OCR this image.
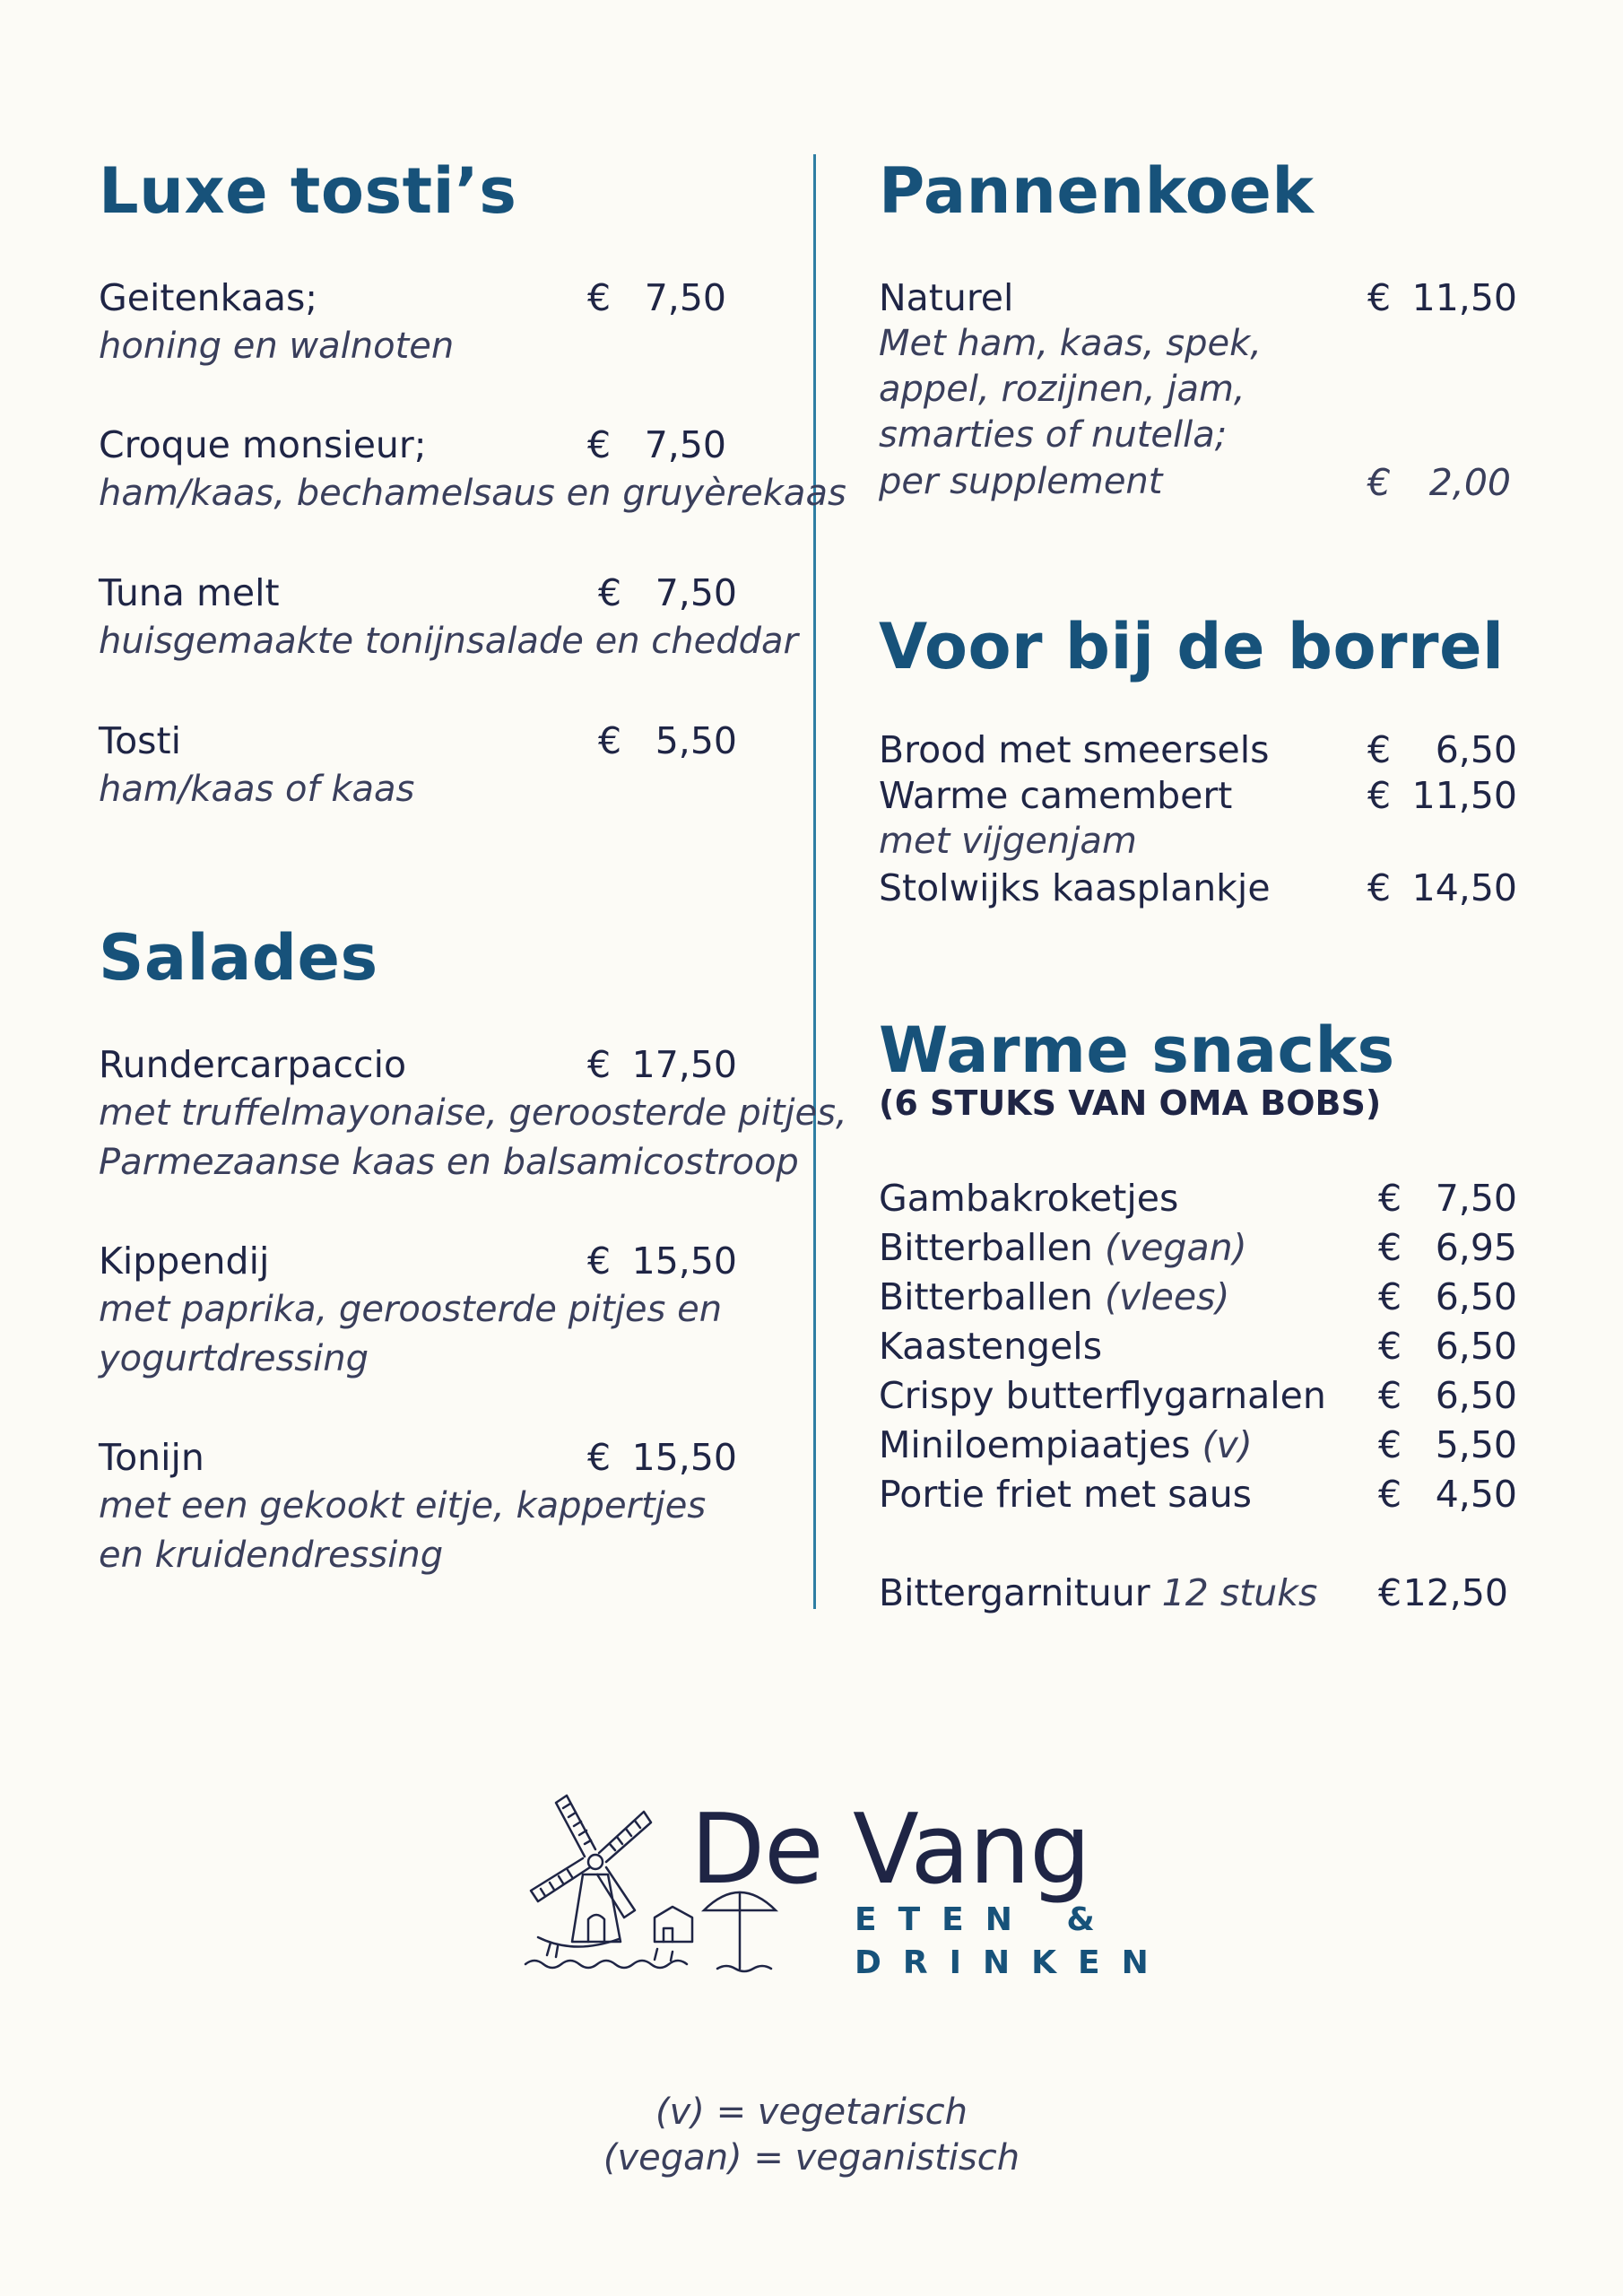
Luxe tosti’s
Geitenkaas;	€ 7,50
honing en walnoten
Croque monsieur;	€ 7,50
ham/kaas, bechamelsaus en gruyèrekaas
Tuna melt	€ 7,50
huisgemaakte tonijnsalade en cheddar
Tosti	€ 5,50
ham/kaas of kaas
Salades
Rundercarpaccio	€ 17,50
met truffelmayonaise, geroosterde pitjes,
Parmezaanse kaas en balsamicostroop
Kippendij	€ 15,50
met paprika, geroosterde pitjes en
yogurtdressing
Tonijn	€ 15,50
met een gekookt eitje, kappertjes
en kruidendressing
Pannenkoek
Naturel	€ 11,50
Met ham, kaas, spek,
appel, rozijnen, jam,
smarties of nutella;
per supplement	€	2,00
Voor bij de borrel
Brood met smeersels	€	6,50
Warme camembert	€ 11,50
met vijgenjam
Stolwijks kaasplankje	€ 14,50
Warme snacks
(6 STUKS VAN OMA BOBS)
Gambakroketjes	€ 7,50
Bitterballen (vegan)	€ 6,95
Bitterballen (vlees)	€ 6,50
Kaastengels	€ 6,50
Crispy butterflygarnalen € 6,50
Miniloempiaatjes (v)	€ 5,50
Portie friet met saus	€ 4,50
Bittergarnituur 12 stuks € 12,50
De Vang
ETEN &
DRINKEN
(v) = vegetarisch
(vegan) = veganistisch
